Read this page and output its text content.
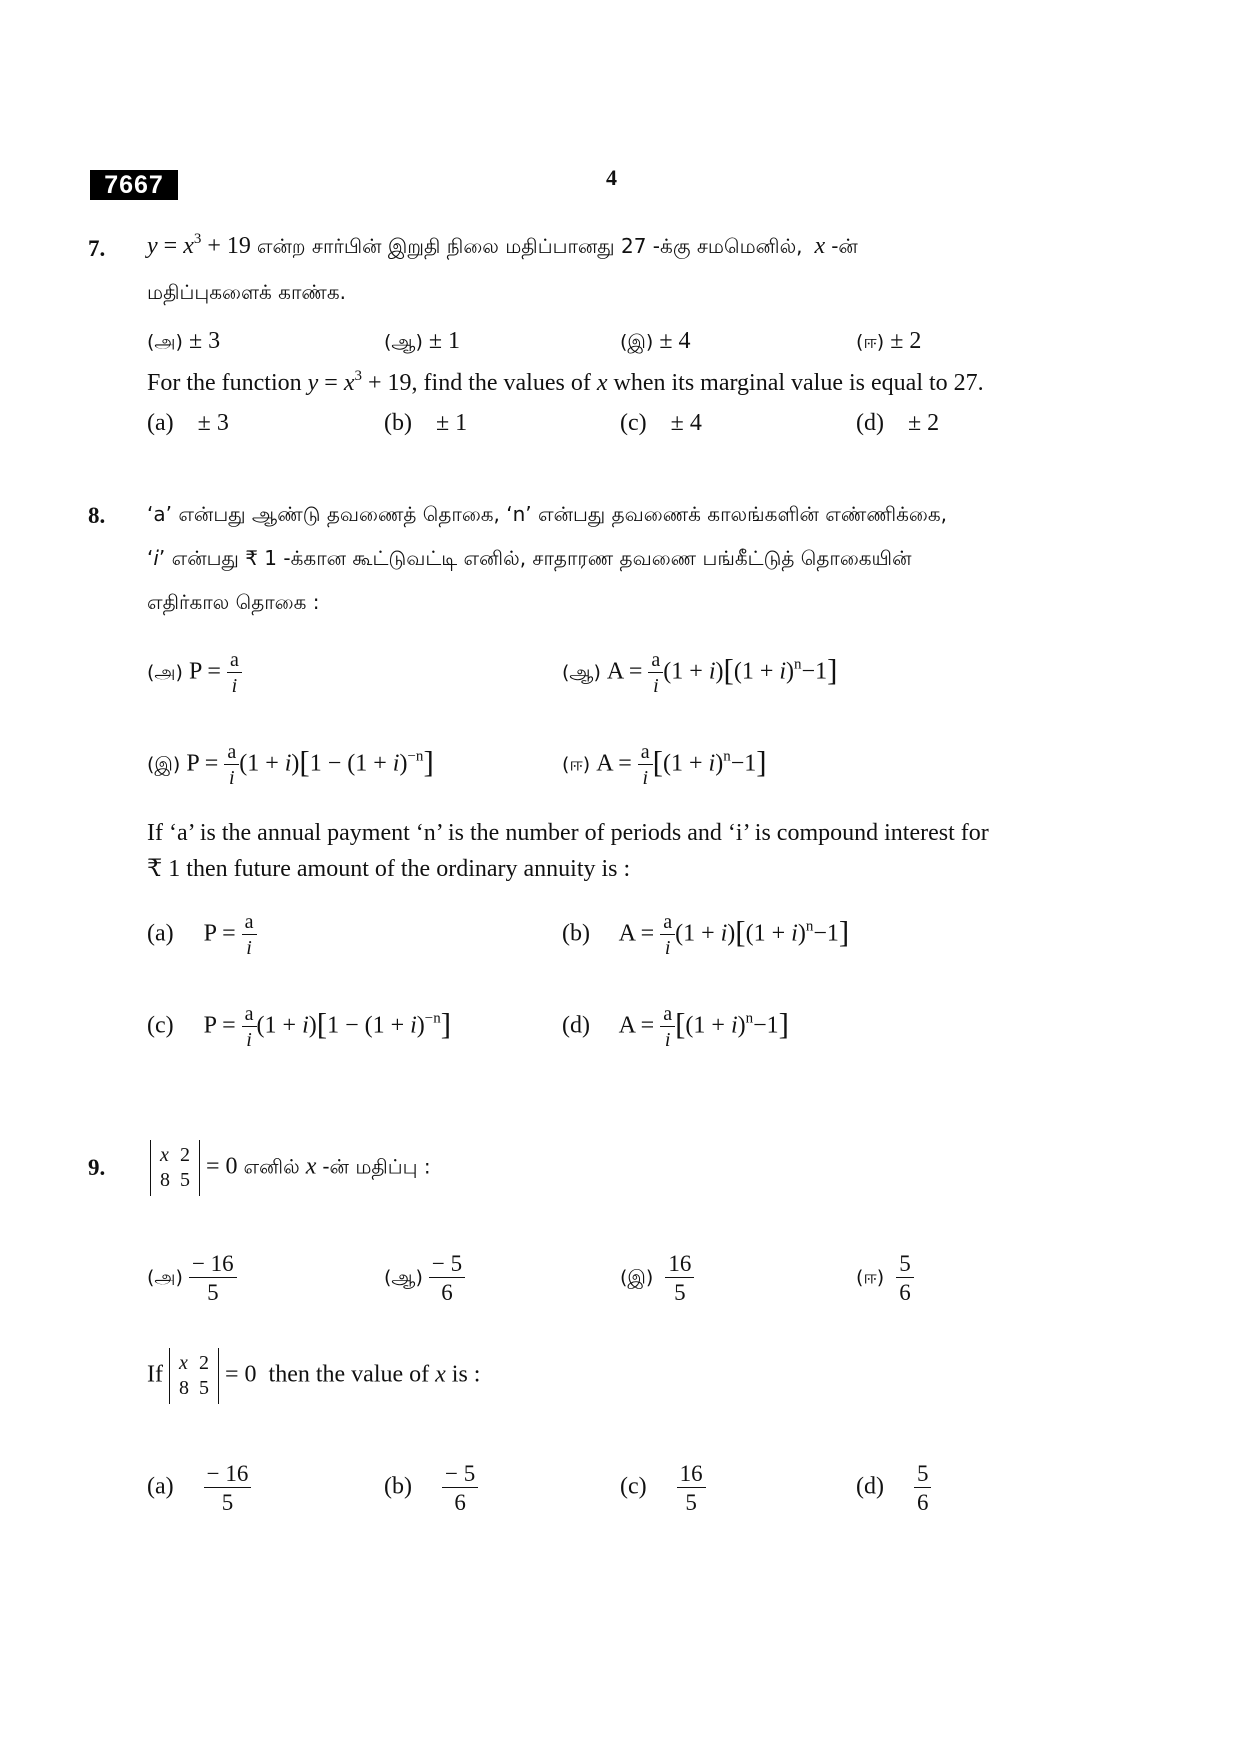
7667	4
7. $y = x^3 + 19$ என்ற சார்பின் இறுதி நிலை மதிப்பானது 27 -க்கு சமமெனில், x -ன்
மதிப்புகளைக் காண்க.
(அ) ± 3	(ஆ) ± 1	(இ) ± 4	(ஈ) ± 2
For the function $y = x^3 + 19$, find the values of x when its marginal value is equal to 27.
(a) ± 3	(b) ± 1	(c) ± 4	(d) ± 2
8. ‘a’ என்பது ஆண்டு தவணைத் தொகை, ‘n’ என்பது தவணைக் காலங்களின் எண்ணிக்கை,
‘i’ என்பது ₹ 1 -க்கான கூட்டுவட்டி எனில், சாதாரண தவணை பங்கீட்டுத் தொகையின்
எதிர்கால தொகை :
(அ) $P = \frac{a}{i}$	(ஆ) $A = \frac{a}{i} (1 + i)[(1 + i)^n-1]$
(இ) $P = \frac{a}{i} (1 + i)[1 - (1 + i)^{-n}]$	(ஈ) $A = \frac{a}{i} [(1 + i)^n-1]$
If ‘a’ is the annual payment ‘n’ is the number of periods and ‘i’ is compound interest for
₹ 1 then future amount of the ordinary annuity is :
(a)     $P = \frac{a}{i}$	(b)     $A = \frac{a}{i} (1 + i)[(1 + i)^n-1]$
(c)     $P = \frac{a}{i} (1 + i)[1 - (1 + i)^{-n}]$	(d)     $A = \frac{a}{i} [(1 + i)^n-1]$
9.	x	2
8	5
= 0 எனில் x -ன் மதிப்பு :
(அ) $\frac{- 16}{5}$	(ஆ) $\frac{- 5}{6}$	(இ) $\frac{16}{5}$	(ஈ) $\frac{5}{6}$
If x	2
8	5
= 0  then the value of x is :
$(a) \frac{- 16}{5}$	$(b) \frac{- 5}{6}$	$(c) \frac{16}{5}$	$(d) \frac{5}{6}$
